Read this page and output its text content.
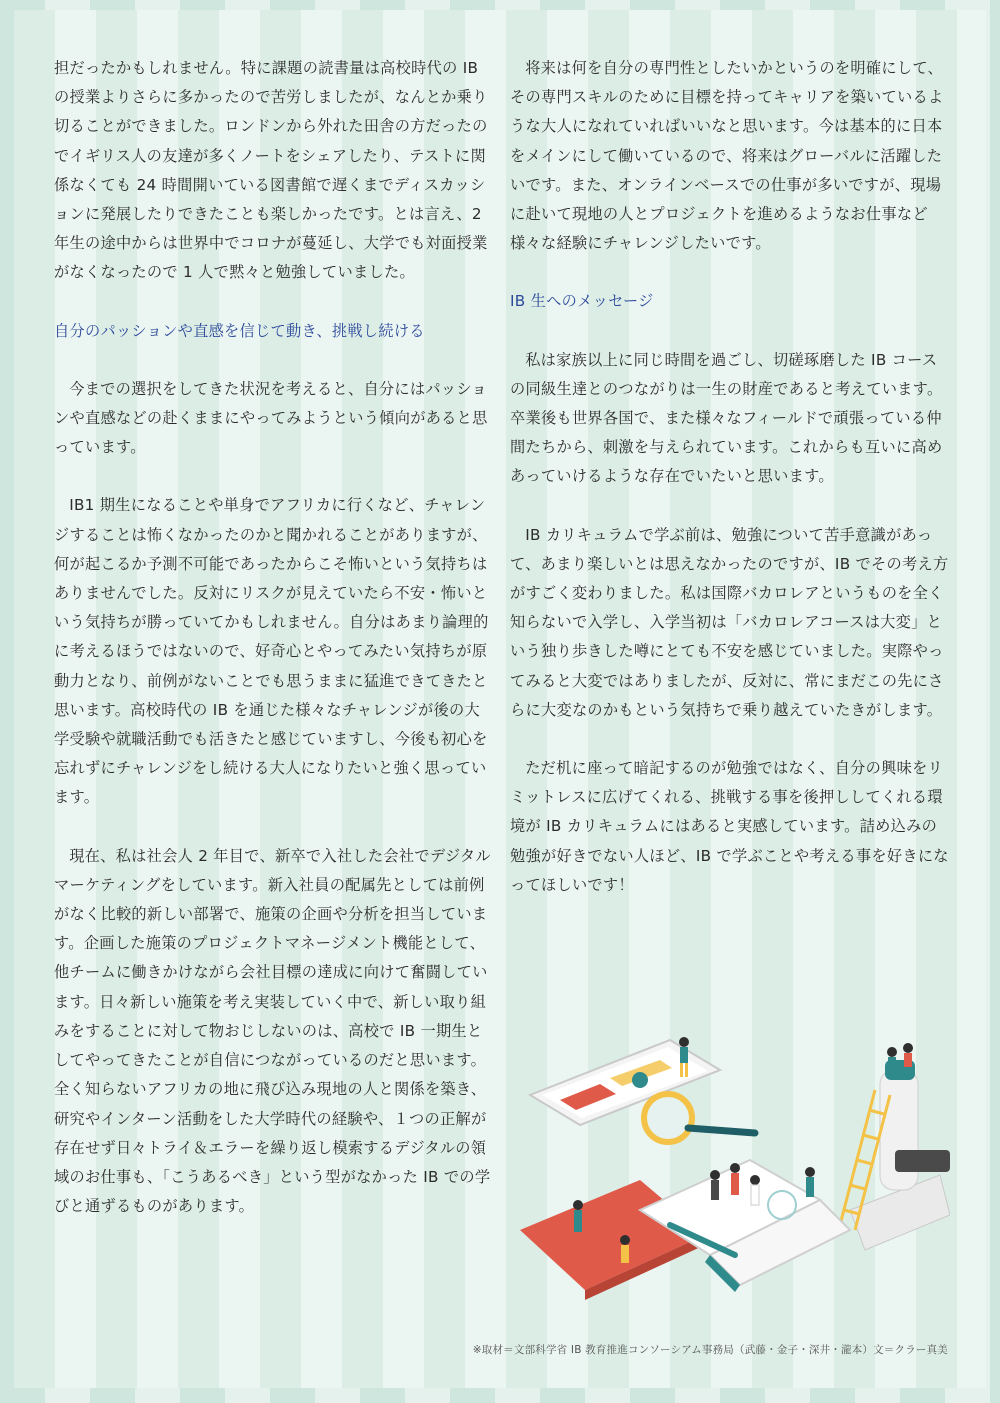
担だったかもしれません。特に課題の読書量は高校時代の IB の授業よりさらに多かったので苦労しましたが、なんとか乗り切ることができました。ロンドンから外れた田舎の方だったのでイギリス人の友達が多くノートをシェアしたり、テストに関係なくても 24 時間開いている図書館で遅くまでディスカッションに発展したりできたことも楽しかったです。とは言え、2 年生の途中からは世界中でコロナが蔓延し、大学でも対面授業がなくなったので 1 人で黙々と勉強していました。

自分のパッションや直感を信じて動き、挑戦し続ける

今までの選択をしてきた状況を考えると、自分にはパッションや直感などの赴くままにやってみようという傾向があると思っています。

IB1 期生になることや単身でアフリカに行くなど、チャレンジすることは怖くなかったのかと聞かれることがありますが、何が起こるか予測不可能であったからこそ怖いという気持ちはありませんでした。反対にリスクが見えていたら不安・怖いという気持ちが勝っていてかもしれません。自分はあまり論理的に考えるほうではないので、好奇心とやってみたい気持ちが原動力となり、前例がないことでも思うままに猛進できてきたと思います。高校時代の IB を通じた様々なチャレンジが後の大学受験や就職活動でも活きたと感じていますし、今後も初心を忘れずにチャレンジをし続ける大人になりたいと強く思っています。

現在、私は社会人 2 年目で、新卒で入社した会社でデジタルマーケティングをしています。新入社員の配属先としては前例がなく比較的新しい部署で、施策の企画や分析を担当しています。企画した施策のプロジェクトマネージメント機能として、他チームに働きかけながら会社目標の達成に向けて奮闘しています。日々新しい施策を考え実装していく中で、新しい取り組みをすることに対して物おじしないのは、高校で IB 一期生としてやってきたことが自信につながっているのだと思います。全く知らないアフリカの地に飛び込み現地の人と関係を築き、研究やインターン活動をした大学時代の経験や、１つの正解が存在せず日々トライ＆エラーを繰り返し模索するデジタルの領域のお仕事も、「こうあるべき」という型がなかった IB での学びと通ずるものがあります。

将来は何を自分の専門性としたいかというのを明確にして、その専門スキルのために目標を持ってキャリアを築いているような大人になれていればいいなと思います。今は基本的に日本をメインにして働いているので、将来はグローバルに活躍したいです。また、オンラインベースでの仕事が多いですが、現場に赴いて現地の人とプロジェクトを進めるようなお仕事など様々な経験にチャレンジしたいです。

IB 生へのメッセージ

私は家族以上に同じ時間を過ごし、切磋琢磨した IB コースの同級生達とのつながりは一生の財産であると考えています。卒業後も世界各国で、また様々なフィールドで頑張っている仲間たちから、刺激を与えられています。これからも互いに高めあっていけるような存在でいたいと思います。

IB カリキュラムで学ぶ前は、勉強について苦手意識があって、あまり楽しいとは思えなかったのですが、IB でその考え方がすごく変わりました。私は国際バカロレアというものを全く知らないで入学し、入学当初は「バカロレアコースは大変」という独り歩きした噂にとても不安を感じていました。実際やってみると大変ではありましたが、反対に、常にまだこの先にさらに大変なのかもという気持ちで乗り越えていたきがします。

ただ机に座って暗記するのが勉強ではなく、自分の興味をリミットレスに広げてくれる、挑戦する事を後押ししてくれる環境が IB カリキュラムにはあると実感しています。詰め込みの勉強が好きでない人ほど、IB で学ぶことや考える事を好きになってほしいです！

※取材＝文部科学省 IB 教育推進コンソーシアム事務局（武藤・金子・深井・瀧本）文＝クラー真美
